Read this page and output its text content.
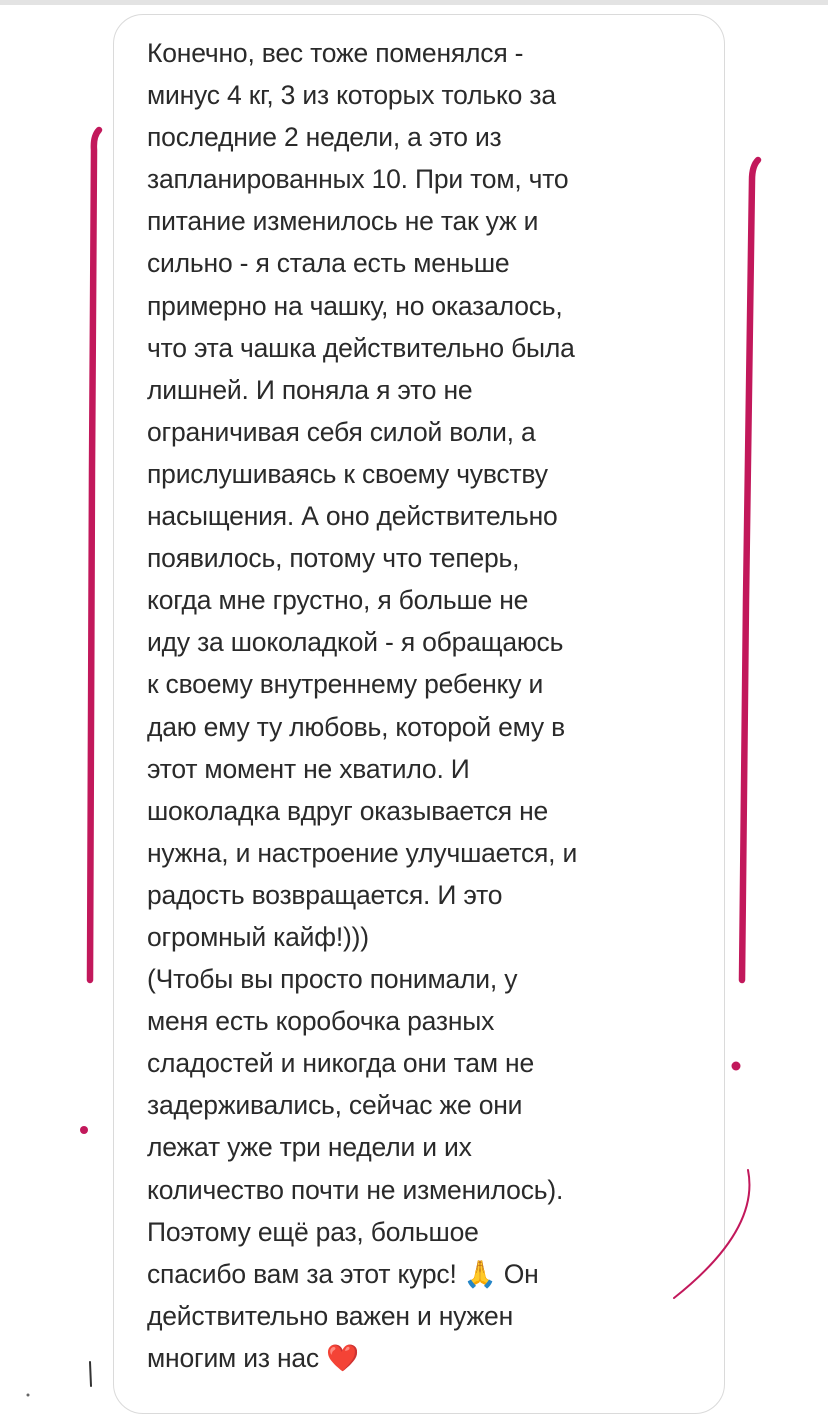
Конечно, вес тоже поменялся -
минус 4 кг, 3 из которых только за
последние 2 недели, а это из
запланированных 10. При том, что
питание изменилось не так уж и
сильно - я стала есть меньше
примерно на чашку, но оказалось,
что эта чашка действительно была
лишней. И поняла я это не
ограничивая себя силой воли, а
прислушиваясь к своему чувству
насыщения. А оно действительно
появилось, потому что теперь,
когда мне грустно, я больше не
иду за шоколадкой - я обращаюсь
к своему внутреннему ребенку и
даю ему ту любовь, которой ему в
этот момент не хватило. И
шоколадка вдруг оказывается не
нужна, и настроение улучшается, и
радость возвращается. И это
огромный кайф!)))
(Чтобы вы просто понимали, у
меня есть коробочка разных
сладостей и никогда они там не
задерживались, сейчас же они
лежат уже три недели и их
количество почти не изменилось).
Поэтому ещё раз, большое
спасибо вам за этот курс! 🙏 Он
действительно важен и нужен
многим из нас ❤️
